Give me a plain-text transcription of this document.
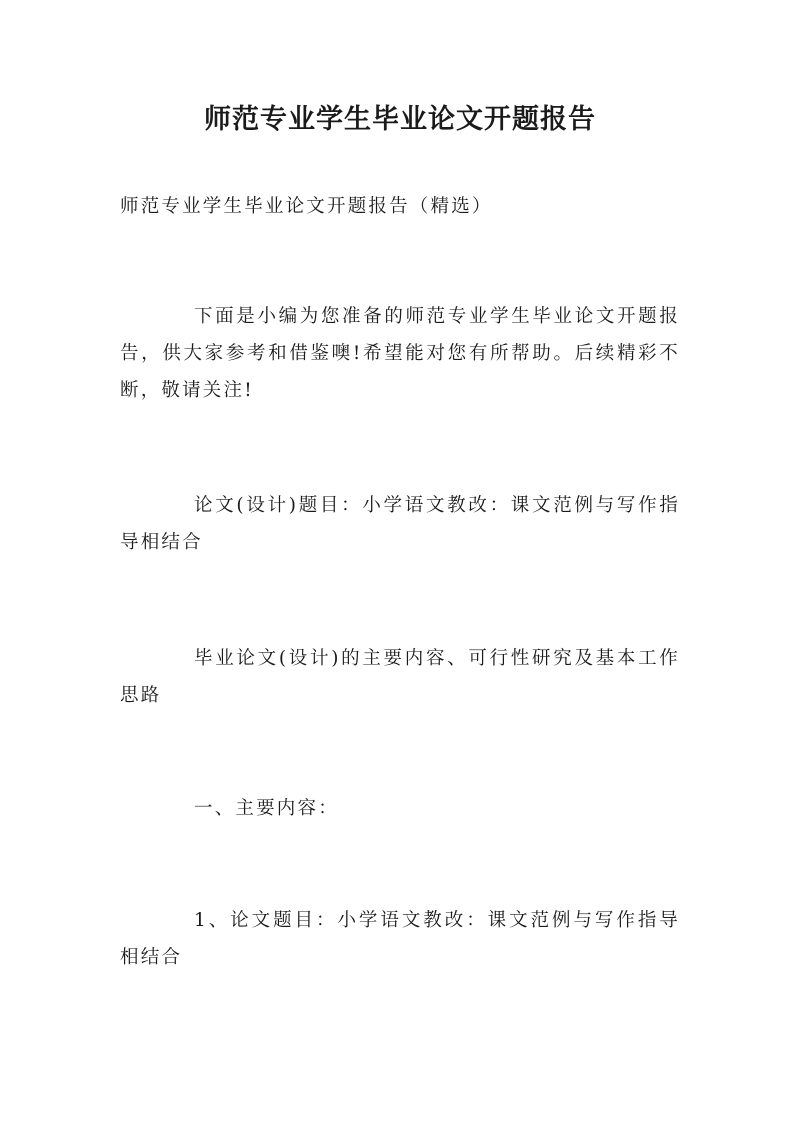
师范专业学生毕业论文开题报告

师范专业学生毕业论文开题报告（精选）

下面是小编为您准备的师范专业学生毕业论文开题报告，供大家参考和借鉴噢!希望能对您有所帮助。后续精彩不断，敬请关注!

论文(设计)题目：小学语文教改：课文范例与写作指导相结合

毕业论文(设计)的主要内容、可行性研究及基本工作思路

一、主要内容：

1、论文题目：小学语文教改：课文范例与写作指导相结合
